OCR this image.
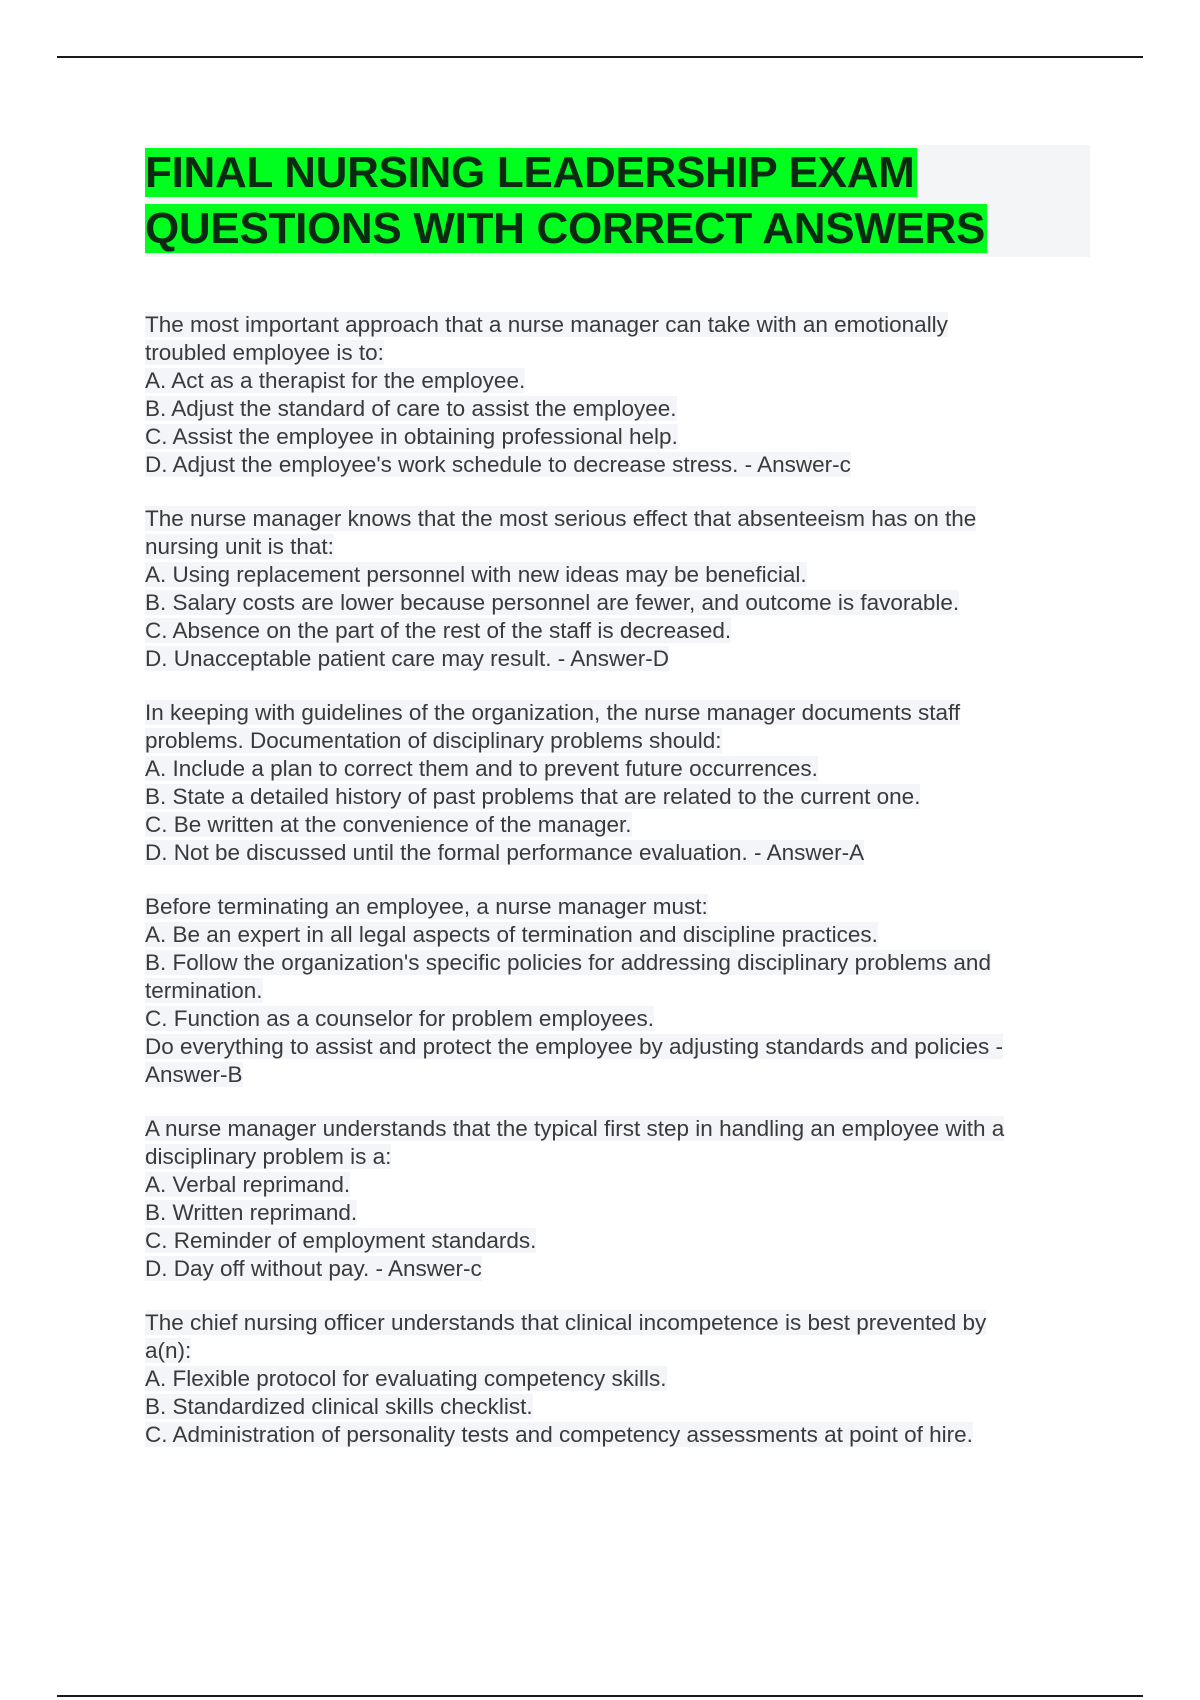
FINAL NURSING LEADERSHIP EXAM QUESTIONS WITH CORRECT ANSWERS
The most important approach that a nurse manager can take with an emotionally
troubled employee is to:
A. Act as a therapist for the employee.
B. Adjust the standard of care to assist the employee.
C. Assist the employee in obtaining professional help.
D. Adjust the employee's work schedule to decrease stress. - Answer-c
The nurse manager knows that the most serious effect that absenteeism has on the
nursing unit is that:
A. Using replacement personnel with new ideas may be beneficial.
B. Salary costs are lower because personnel are fewer, and outcome is favorable.
C. Absence on the part of the rest of the staff is decreased.
D. Unacceptable patient care may result. - Answer-D
In keeping with guidelines of the organization, the nurse manager documents staff
problems. Documentation of disciplinary problems should:
A. Include a plan to correct them and to prevent future occurrences.
B. State a detailed history of past problems that are related to the current one.
C. Be written at the convenience of the manager.
D. Not be discussed until the formal performance evaluation. - Answer-A
Before terminating an employee, a nurse manager must:
A. Be an expert in all legal aspects of termination and discipline practices.
B. Follow the organization's specific policies for addressing disciplinary problems and
termination.
C. Function as a counselor for problem employees.
Do everything to assist and protect the employee by adjusting standards and policies -
Answer-B
A nurse manager understands that the typical first step in handling an employee with a
disciplinary problem is a:
A. Verbal reprimand.
B. Written reprimand.
C. Reminder of employment standards.
D. Day off without pay. - Answer-c
The chief nursing officer understands that clinical incompetence is best prevented by
a(n):
A. Flexible protocol for evaluating competency skills.
B. Standardized clinical skills checklist.
C. Administration of personality tests and competency assessments at point of hire.
